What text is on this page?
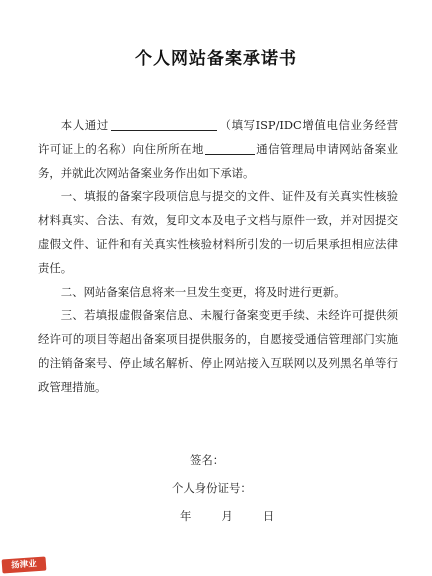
个人网站备案承诺书

本人通过	（填写ISP/IDC增值电信业务经营许可证上的名称）向住所所在地	通信管理局申请网站备案业务，并就此次网站备案业务作出如下承诺。

一、填报的备案字段项信息与提交的文件、证件及有关真实性核验材料真实、合法、有效，复印文本及电子文档与原件一致，并对因提交虚假文件、证件和有关真实性核验材料所引发的一切后果承担相应法律责任。

二、网站备案信息将来一旦发生变更，将及时进行更新。

三、若填报虚假备案信息、未履行备案变更手续、未经许可提供须经许可的项目等超出备案项目提供服务的，自愿接受通信管理部门实施的注销备案号、停止域名解析、停止网站接入互联网以及列黑名单等行政管理措施。

签名：
个人身份证号：
年	月	日
扬津业
